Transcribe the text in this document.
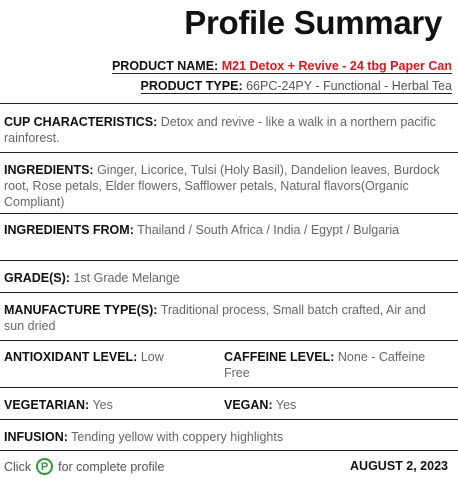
Profile Summary
PRODUCT NAME: M21 Detox + Revive - 24 tbg Paper Can
PRODUCT TYPE: 66PC-24PY - Functional - Herbal Tea
CUP CHARACTERISTICS: Detox and revive - like a walk in a northern pacific rainforest.
INGREDIENTS: Ginger, Licorice, Tulsi (Holy Basil), Dandelion leaves, Burdock root, Rose petals, Elder flowers, Safflower petals, Natural flavors(Organic Compliant)
INGREDIENTS FROM: Thailand / South Africa / India / Egypt / Bulgaria
GRADE(S): 1st Grade Melange
MANUFACTURE TYPE(S): Traditional process, Small batch crafted, Air and sun dried
ANTIOXIDANT LEVEL: Low	CAFFEINE LEVEL: None - Caffeine Free
VEGETARIAN: Yes	VEGAN: Yes
INFUSION: Tending yellow with coppery highlights
Click P for complete profile	AUGUST 2, 2023
